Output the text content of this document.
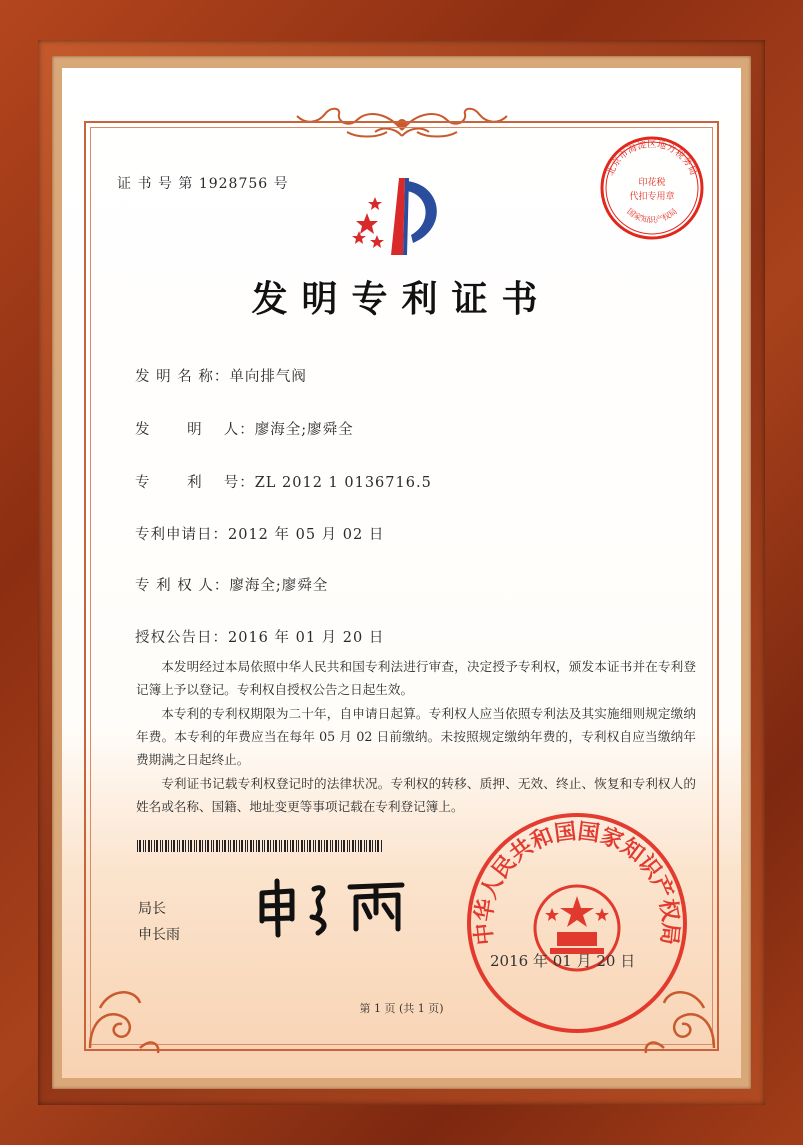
证 书 号 第 1928756 号
北京市海淀区地方税务局
印花税
代扣专用章
国家知识产权局
发明专利证书
发 明 名 称：单向排气阀
发　 　明　 人：廖海全;廖舜全
专　 　利　 号：ZL 2012 1 0136716.5
专利申请日：2012 年 05 月 02 日
专 利 权 人：廖海全;廖舜全
授权公告日：2016 年 01 月 20 日
本发明经过本局依照中华人民共和国专利法进行审查，决定授予专利权，颁发本证书并在专利登记簿上予以登记。专利权自授权公告之日起生效。
本专利的专利权期限为二十年，自申请日起算。专利权人应当依照专利法及其实施细则规定缴纳年费。本专利的年费应当在每年 05 月 02 日前缴纳。未按照规定缴纳年费的，专利权自应当缴纳年费期满之日起终止。
专利证书记载专利权登记时的法律状况。专利权的转移、质押、无效、终止、恢复和专利权人的姓名或名称、国籍、地址变更等事项记载在专利登记簿上。
局长
申长雨	中华人民共和国国家知识产权局
2016 年 01 月 20 日
第 1 页 (共 1 页)
